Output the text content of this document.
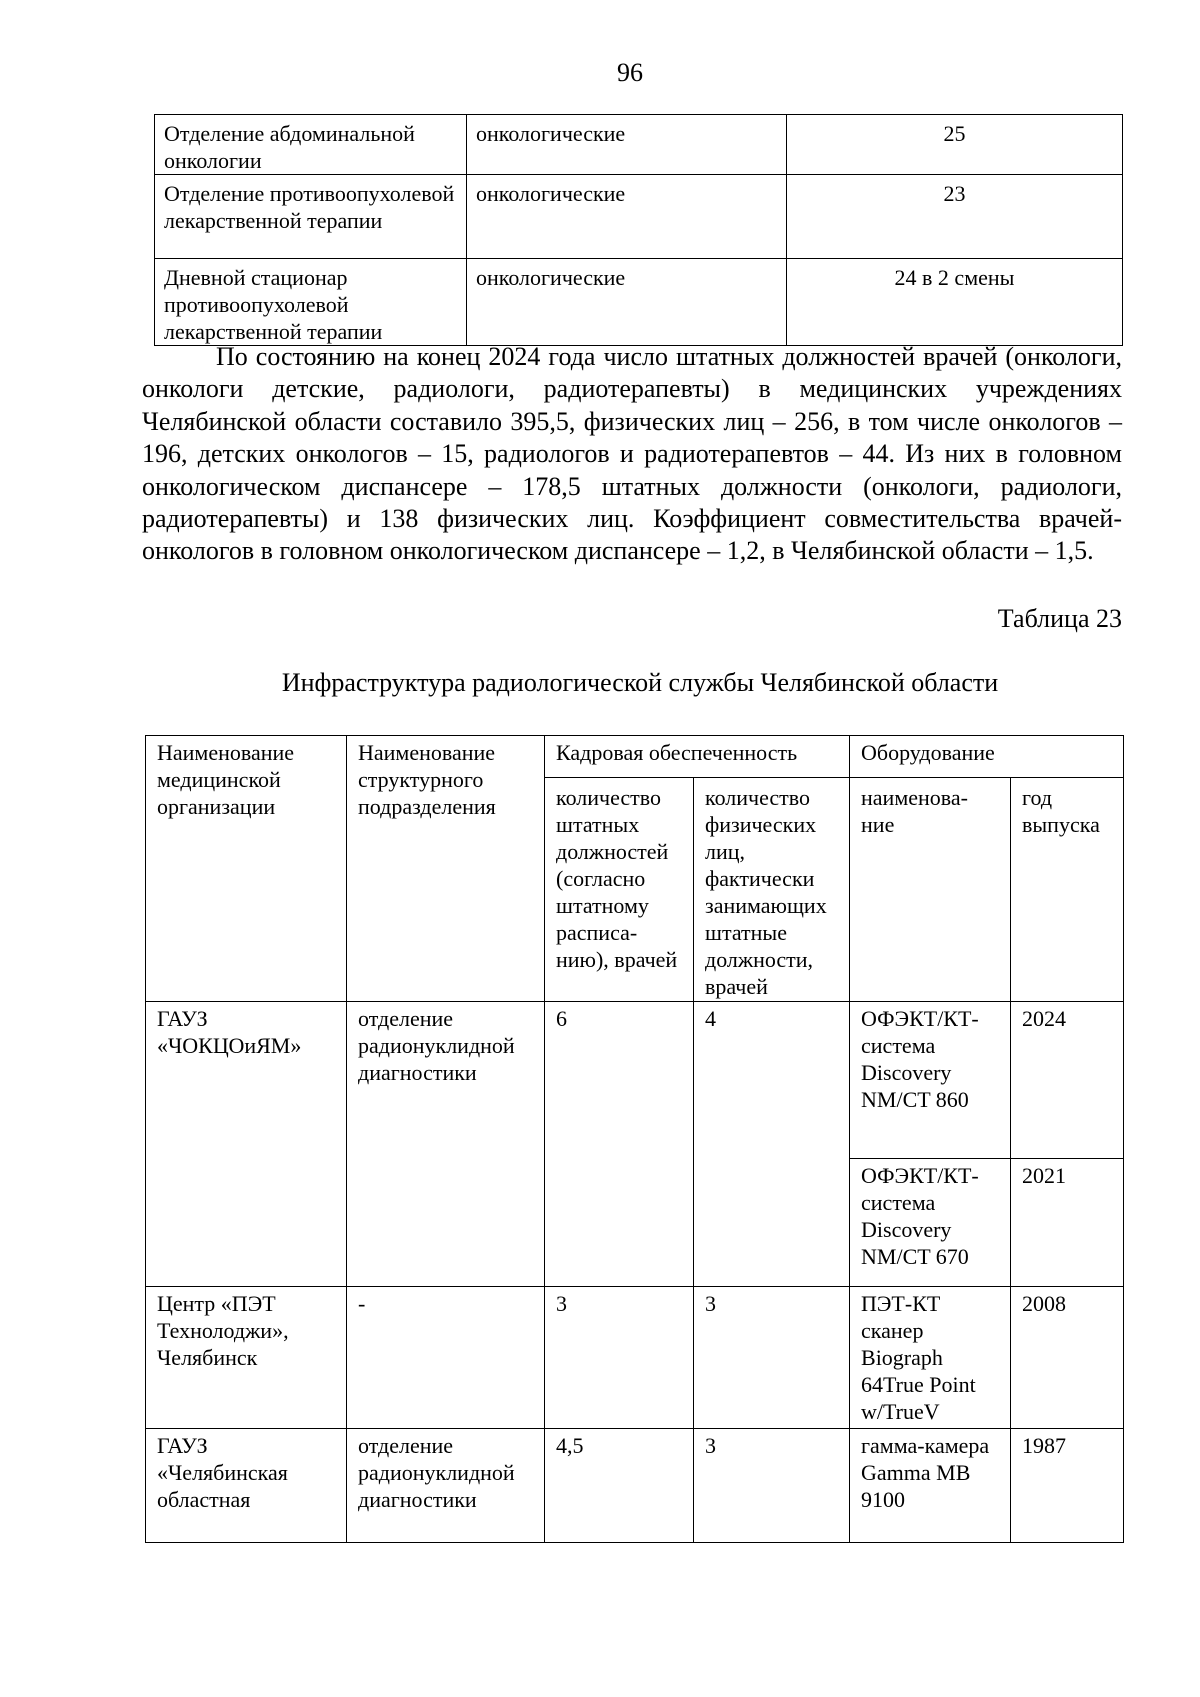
96
Отделение абдоминальной онкологии	онкологические	25
Отделение противоопухолевой лекарственной терапии	онкологические	23
Дневной стационар противоопухолевой лекарственной терапии	онкологические	24 в 2 смены
По состоянию на конец 2024 года число штатных должностей врачей (онкологи, онкологи детские, радиологи, радиотерапевты) в медицинских учреждениях Челябинской области составило 395,5, физических лиц – 256, в том числе онкологов – 196, детских онкологов – 15, радиологов и радиотерапевтов – 44. Из них в головном онкологическом диспансере – 178,5 штатных должности (онкологи, радиологи, радиотерапевты) и 138 физических лиц. Коэффициент совместительства врачей-онкологов в головном онкологическом диспансере – 1,2, в Челябинской области – 1,5.
Таблица 23
Инфраструктура радиологической службы Челябинской области
Наименование медицинской организации	Наименование структурного подразделения	Кадровая обеспеченность		Оборудование	
		количество штатных должностей (согласно штатному расписа-нию), врачей	количество физических лиц, фактически занимающих штатные должности, врачей	наименова-ние	год выпуска
ГАУЗ «ЧОКЦОиЯМ»	отделение радионуклидной диагностики	6	4	ОФЭКТ/КТ-система Discovery NM/CT 860	2024
				ОФЭКТ/КТ-система Discovery NM/CT 670	2021
Центр «ПЭТ Технолоджи», Челябинск	-	3	3	ПЭТ-КТ сканер Biograph 64True Point w/TrueV	2008
ГАУЗ «Челябинская областная	отделение радионуклидной диагностики	4,5	3	гамма-камера Gamma MB 9100	1987
